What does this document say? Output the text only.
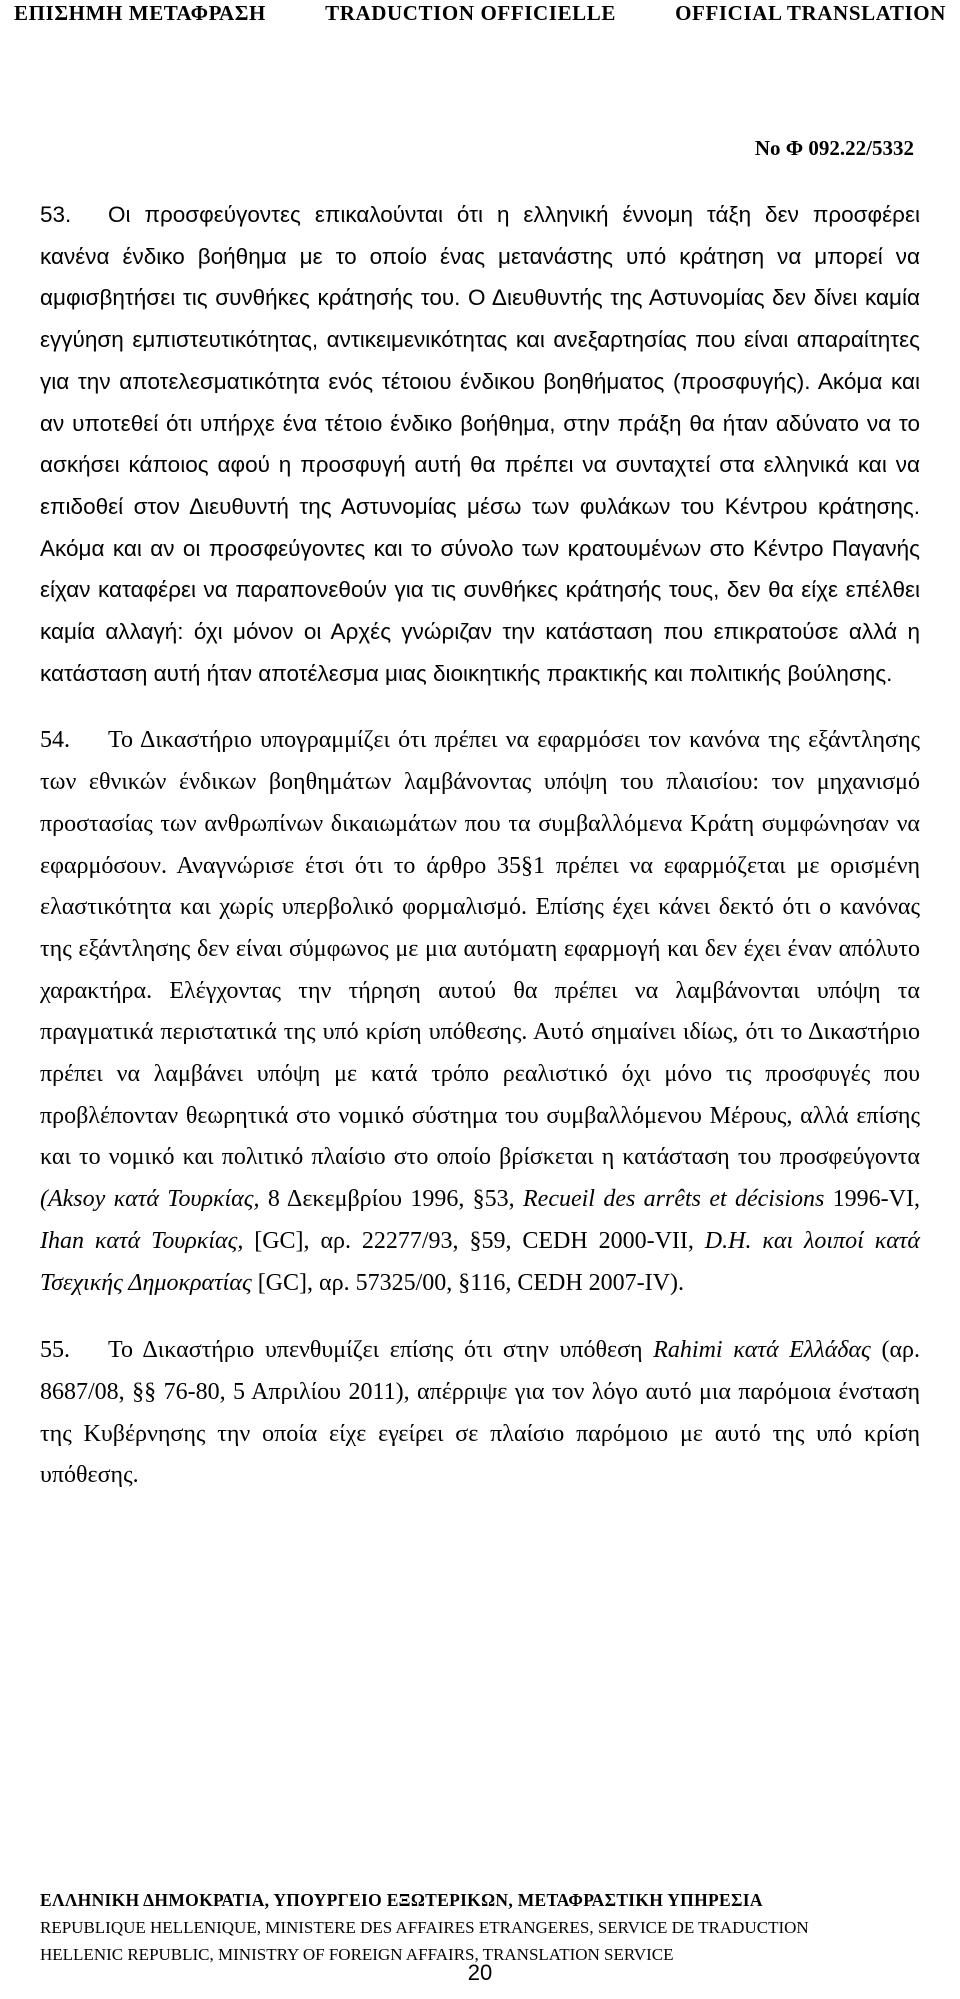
ΕΠΙΣΗΜΗ ΜΕΤΑΦΡΑΣΗ	TRADUCTION OFFICIELLE	OFFICIAL TRANSLATION
Νο Φ 092.22/5332

53. Οι προσφεύγοντες επικαλούνται ότι η ελληνική έννομη τάξη δεν προσφέρει κανένα ένδικο βοήθημα με το οποίο ένας μετανάστης υπό κράτηση να μπορεί να αμφισβητήσει τις συνθήκες κράτησής του. Ο Διευθυντής της Αστυνομίας δεν δίνει καμία εγγύηση εμπιστευτικότητας, αντικειμενικότητας και ανεξαρτησίας που είναι απαραίτητες για την αποτελεσματικότητα ενός τέτοιου ένδικου βοηθήματος (προσφυγής). Ακόμα και αν υποτεθεί ότι υπήρχε ένα τέτοιο ένδικο βοήθημα, στην πράξη θα ήταν αδύνατο να το ασκήσει κάποιος αφού η προσφυγή αυτή θα πρέπει να συνταχτεί στα ελληνικά και να επιδοθεί στον Διευθυντή της Αστυνομίας μέσω των φυλάκων του Κέντρου κράτησης. Ακόμα και αν οι προσφεύγοντες και το σύνολο των κρατουμένων στο Κέντρο Παγανής είχαν καταφέρει να παραπονεθούν για τις συνθήκες κράτησής τους, δεν θα είχε επέλθει καμία αλλαγή: όχι μόνον οι Αρχές γνώριζαν την κατάσταση που επικρατούσε αλλά η κατάσταση αυτή ήταν αποτέλεσμα μιας διοικητικής πρακτικής και πολιτικής βούλησης.

54. Το Δικαστήριο υπογραμμίζει ότι πρέπει να εφαρμόσει τον κανόνα της εξάντλησης των εθνικών ένδικων βοηθημάτων λαμβάνοντας υπόψη του πλαισίου: τον μηχανισμό προστασίας των ανθρωπίνων δικαιωμάτων που τα συμβαλλόμενα Κράτη συμφώνησαν να εφαρμόσουν. Αναγνώρισε έτσι ότι το άρθρο 35§1 πρέπει να εφαρμόζεται με ορισμένη ελαστικότητα και χωρίς υπερβολικό φορμαλισμό. Επίσης έχει κάνει δεκτό ότι ο κανόνας της εξάντλησης δεν είναι σύμφωνος με μια αυτόματη εφαρμογή και δεν έχει έναν απόλυτο χαρακτήρα. Ελέγχοντας την τήρηση αυτού θα πρέπει να λαμβάνονται υπόψη τα πραγματικά περιστατικά της υπό κρίση υπόθεσης. Αυτό σημαίνει ιδίως, ότι το Δικαστήριο πρέπει να λαμβάνει υπόψη με κατά τρόπο ρεαλιστικό όχι μόνο τις προσφυγές που προβλέπονταν θεωρητικά στο νομικό σύστημα του συμβαλλόμενου Μέρους, αλλά επίσης και το νομικό και πολιτικό πλαίσιο στο οποίο βρίσκεται η κατάσταση του προσφεύγοντα (Aksoy κατά Τουρκίας, 8 Δεκεμβρίου 1996, §53, Recueil des arrêts et décisions 1996-VI, Ihan κατά Τουρκίας, [GC], αρ. 22277/93, §59, CEDH 2000-VII, D.H. και λοιποί κατά Τσεχικής Δημοκρατίας [GC], αρ. 57325/00, §116, CEDH 2007-IV).

55. Το Δικαστήριο υπενθυμίζει επίσης ότι στην υπόθεση Rahimi κατά Ελλάδας (αρ. 8687/08, §§ 76-80, 5 Απριλίου 2011), απέρριψε για τον λόγο αυτό μια παρόμοια ένσταση της Κυβέρνησης την οποία είχε εγείρει σε πλαίσιο παρόμοιο με αυτό της υπό κρίση υπόθεσης.

ΕΛΛΗΝΙΚΗ ΔΗΜΟΚΡΑΤΙΑ, ΥΠΟΥΡΓΕΙΟ ΕΞΩΤΕΡΙΚΩΝ, ΜΕΤΑΦΡΑΣΤΙΚΗ ΥΠΗΡΕΣΙΑ
REPUBLIQUE HELLENIQUE, MINISTERE DES AFFAIRES ETRANGERES, SERVICE DE TRADUCTION
HELLENIC REPUBLIC, MINISTRY OF FOREIGN AFFAIRS, TRANSLATION SERVICE
20
